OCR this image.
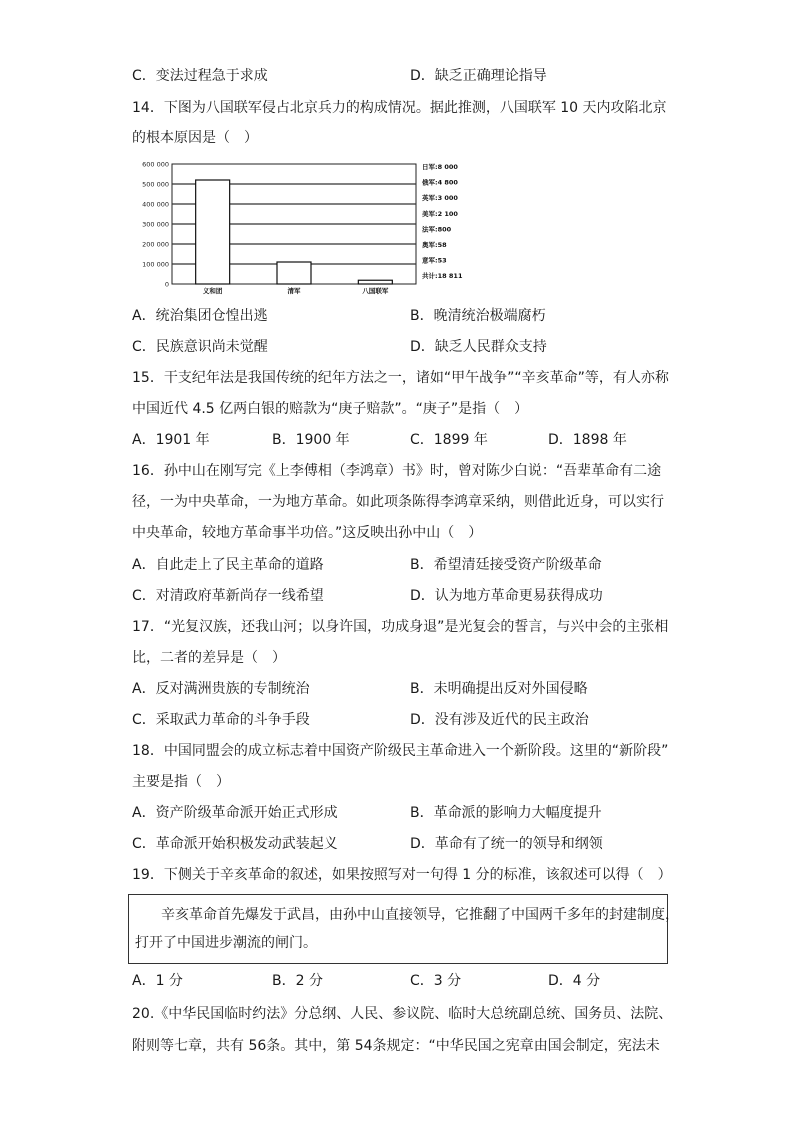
C．变法过程急于求成	D．缺乏正确理论指导
14．下图为八国联军侵占北京兵力的构成情况。据此推测，八国联军 10 天内攻陷北京
的根本原因是（　）
0
100 000
200 000
300 000
400 000
500 000
600 000
义和团	清军	八国联军
日军:8 000
俄军:4 800
英军:3 000
美军:2 100
法军:800
奥军:58
意军:53
共计:18 811
A．统治集团仓惶出逃	B．晚清统治极端腐朽
C．民族意识尚未觉醒	D．缺乏人民群众支持
15．干支纪年法是我国传统的纪年方法之一，诸如“甲午战争”“辛亥革命”等，有人亦称
中国近代 4.5 亿两白银的赔款为“庚子赔款”。“庚子”是指（　）
A．1901 年	B．1900 年	C．1899 年	D．1898 年
16．孙中山在刚写完《上李傅相（李鸿章）书》时，曾对陈少白说：“吾辈革命有二途
径，一为中央革命，一为地方革命。如此项条陈得李鸿章采纳，则借此近身，可以实行
中央革命，较地方革命事半功倍。”这反映出孙中山（　）
A．自此走上了民主革命的道路	B．希望清廷接受资产阶级革命
C．对清政府革新尚存一线希望	D．认为地方革命更易获得成功
17．“光复汉族，还我山河；以身许国，功成身退”是光复会的誓言，与兴中会的主张相
比，二者的差异是（　）
A．反对满洲贵族的专制统治	B．未明确提出反对外国侵略
C．采取武力革命的斗争手段	D．没有涉及近代的民主政治
18．中国同盟会的成立标志着中国资产阶级民主革命进入一个新阶段。这里的“新阶段”
主要是指（　）
A．资产阶级革命派开始正式形成	B．革命派的影响力大幅度提升
C．革命派开始积极发动武装起义	D．革命有了统一的领导和纲领
19．下侧关于辛亥革命的叙述，如果按照写对一句得 1 分的标准，该叙述可以得（　）
辛亥革命首先爆发于武昌，由孙中山直接领导，它推翻了中国两千多年的封建制度，
打开了中国进步潮流的闸门。
A．1 分	B．2 分	C．3 分	D．4 分
20.《中华民国临时约法》分总纲、人民、参议院、临时大总统副总统、国务员、法院、
附则等七章，共有 56条。其中，第 54条规定：“中华民国之宪章由国会制定，宪法未
